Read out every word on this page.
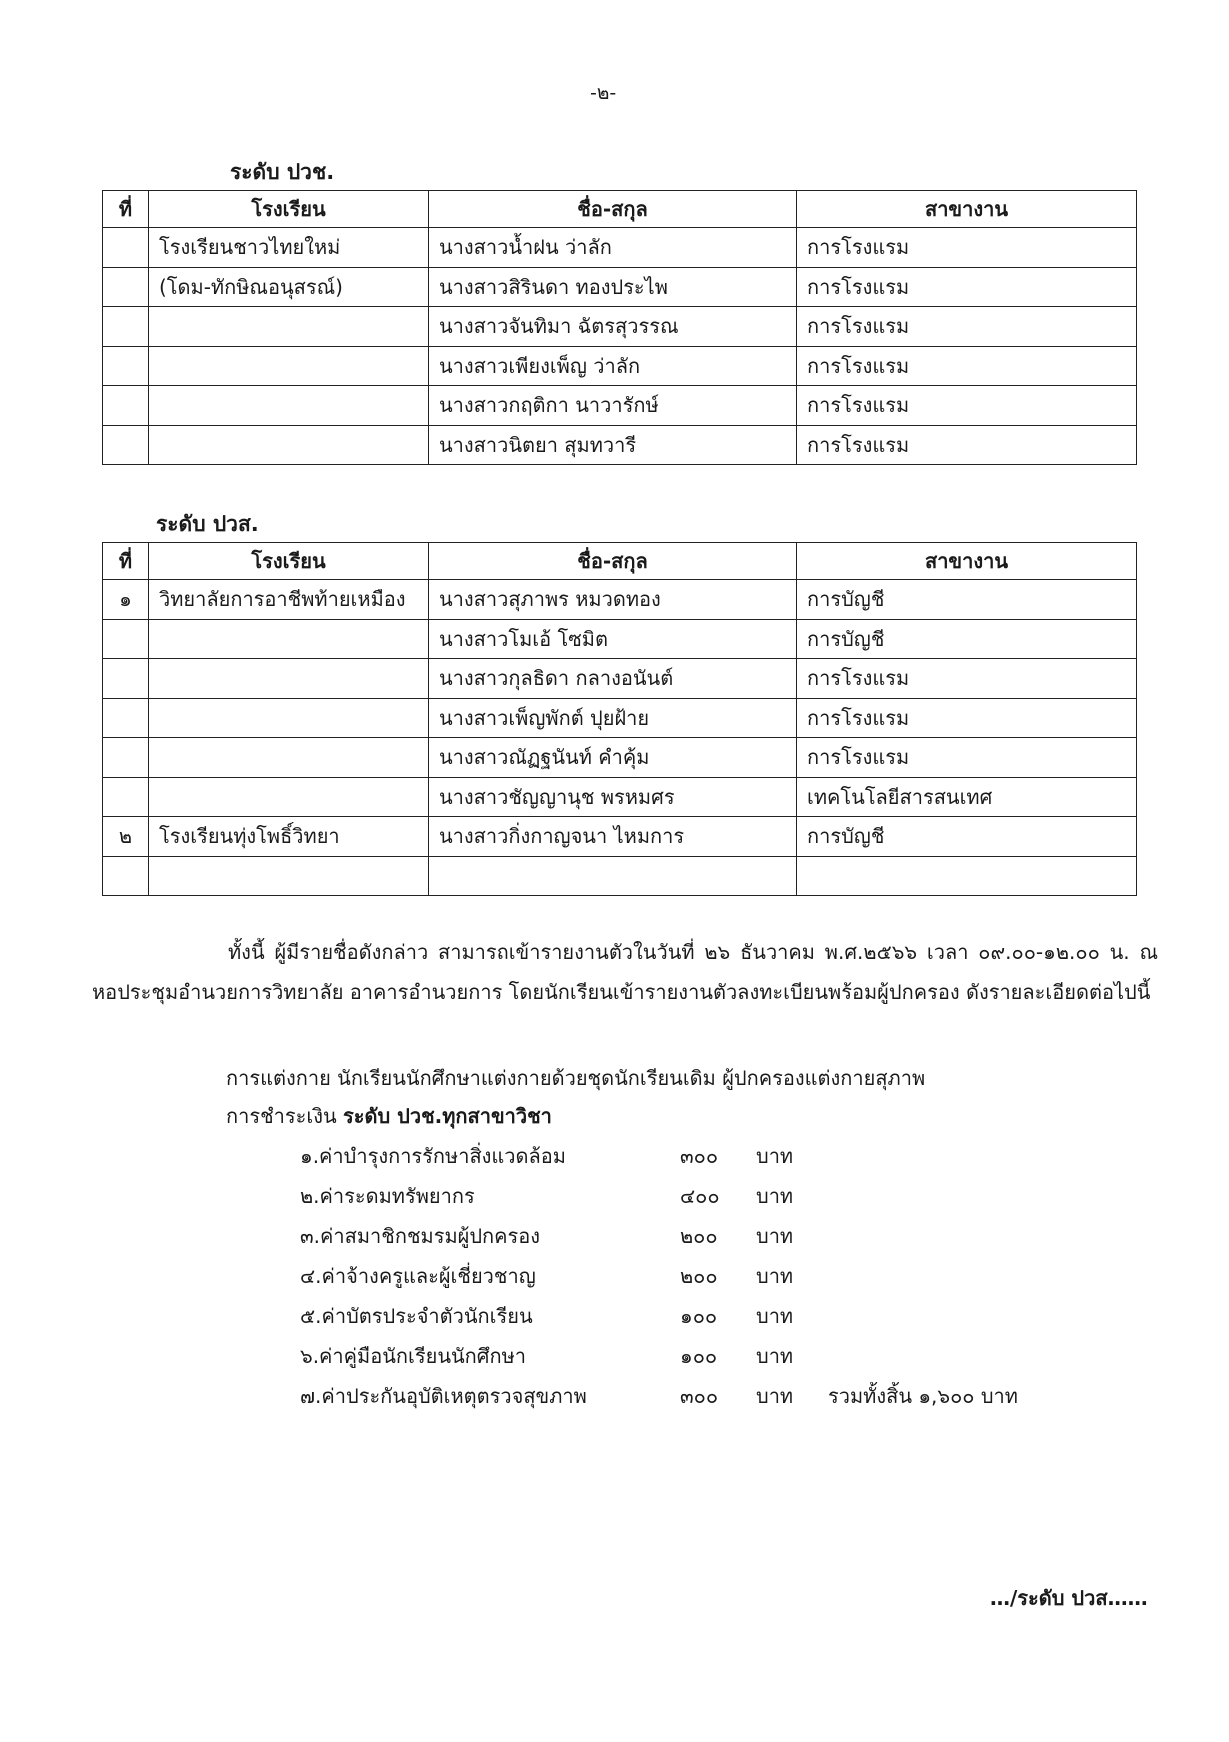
-๒-
ระดับ ปวช.
ที่	โรงเรียน	ชื่อ-สกุล	สาขางาน
	โรงเรียนชาวไทยใหม่	นางสาวน้ำฝน ว่าลัก	การโรงแรม
	(โดม-ทักษิณอนุสรณ์)	นางสาวสิรินดา ทองประไพ	การโรงแรม
		นางสาวจันทิมา ฉัตรสุวรรณ	การโรงแรม
		นางสาวเพียงเพ็ญ ว่าลัก	การโรงแรม
		นางสาวกฤติกา นาวารักษ์	การโรงแรม
		นางสาวนิตยา สุมทวารี	การโรงแรม
ระดับ ปวส.
ที่	โรงเรียน	ชื่อ-สกุล	สาขางาน
๑	วิทยาลัยการอาชีพท้ายเหมือง	นางสาวสุภาพร หมวดทอง	การบัญชี
		นางสาวโมเอ้ โซมิต	การบัญชี
		นางสาวกุลธิดา กลางอนันต์	การโรงแรม
		นางสาวเพ็ญพักต์ ปุยฝ้าย	การโรงแรม
		นางสาวณัฏฐนันท์ คำคุ้ม	การโรงแรม
		นางสาวชัญญานุช พรหมศร	เทคโนโลยีสารสนเทศ
๒	โรงเรียนทุ่งโพธิ์วิทยา	นางสาวกิ่งกาญจนา ไหมการ	การบัญชี

ทั้งนี้ ผู้มีรายชื่อดังกล่าว สามารถเข้ารายงานตัวในวันที่ ๒๖ ธันวาคม พ.ศ.๒๕๖๖ เวลา ๐๙.๐๐-๑๒.๐๐ น. ณ หอประชุมอำนวยการวิทยาลัย อาคารอำนวยการ โดยนักเรียนเข้ารายงานตัวลงทะเบียนพร้อมผู้ปกครอง ดังรายละเอียดต่อไปนี้
การแต่งกาย นักเรียนนักศึกษาแต่งกายด้วยชุดนักเรียนเดิม ผู้ปกครองแต่งกายสุภาพ
การชำระเงิน ระดับ ปวช.ทุกสาขาวิชา
๑.ค่าบำรุงการรักษาสิ่งแวดล้อม	๓๐๐ บาท
๒.ค่าระดมทรัพยากร	๔๐๐ บาท
๓.ค่าสมาชิกชมรมผู้ปกครอง	๒๐๐ บาท
๔.ค่าจ้างครูและผู้เชี่ยวชาญ	๒๐๐ บาท
๕.ค่าบัตรประจำตัวนักเรียน	๑๐๐ บาท
๖.ค่าคู่มือนักเรียนนักศึกษา	๑๐๐ บาท
๗.ค่าประกันอุบัติเหตุตรวจสุขภาพ	๓๐๐ บาท รวมทั้งสิ้น ๑,๖๐๐ บาท
…/ระดับ ปวส……
